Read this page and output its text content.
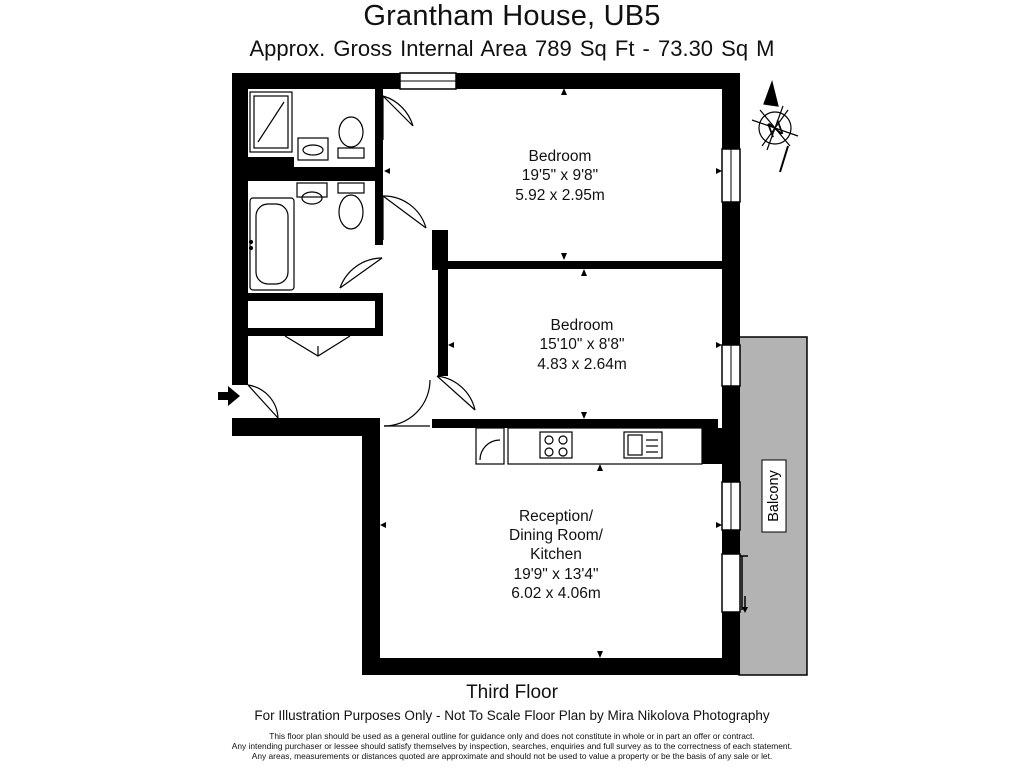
Grantham House, UB5
Approx. Gross Internal Area 789 Sq Ft - 73.30 Sq M
N
Bedroom
19'5" x 9'8"
5.92 x 2.95m
Bedroom
15'10" x 8'8"
4.83 x 2.64m
Reception/
Dining Room/
Kitchen
19'9" x 13'4"
6.02 x 4.06m
Balcony
Third Floor
For Illustration Purposes Only - Not To Scale Floor Plan by Mira Nikolova Photography
This floor plan should be used as a general outline for guidance only and does not constitute in whole or in part an offer or contract.
Any intending purchaser or lessee should satisfy themselves by inspection, searches, enquiries and full survey as to the correctness of each statement.
Any areas, measurements or distances quoted are approximate and should not be used to value a property or be the basis of any sale or let.
